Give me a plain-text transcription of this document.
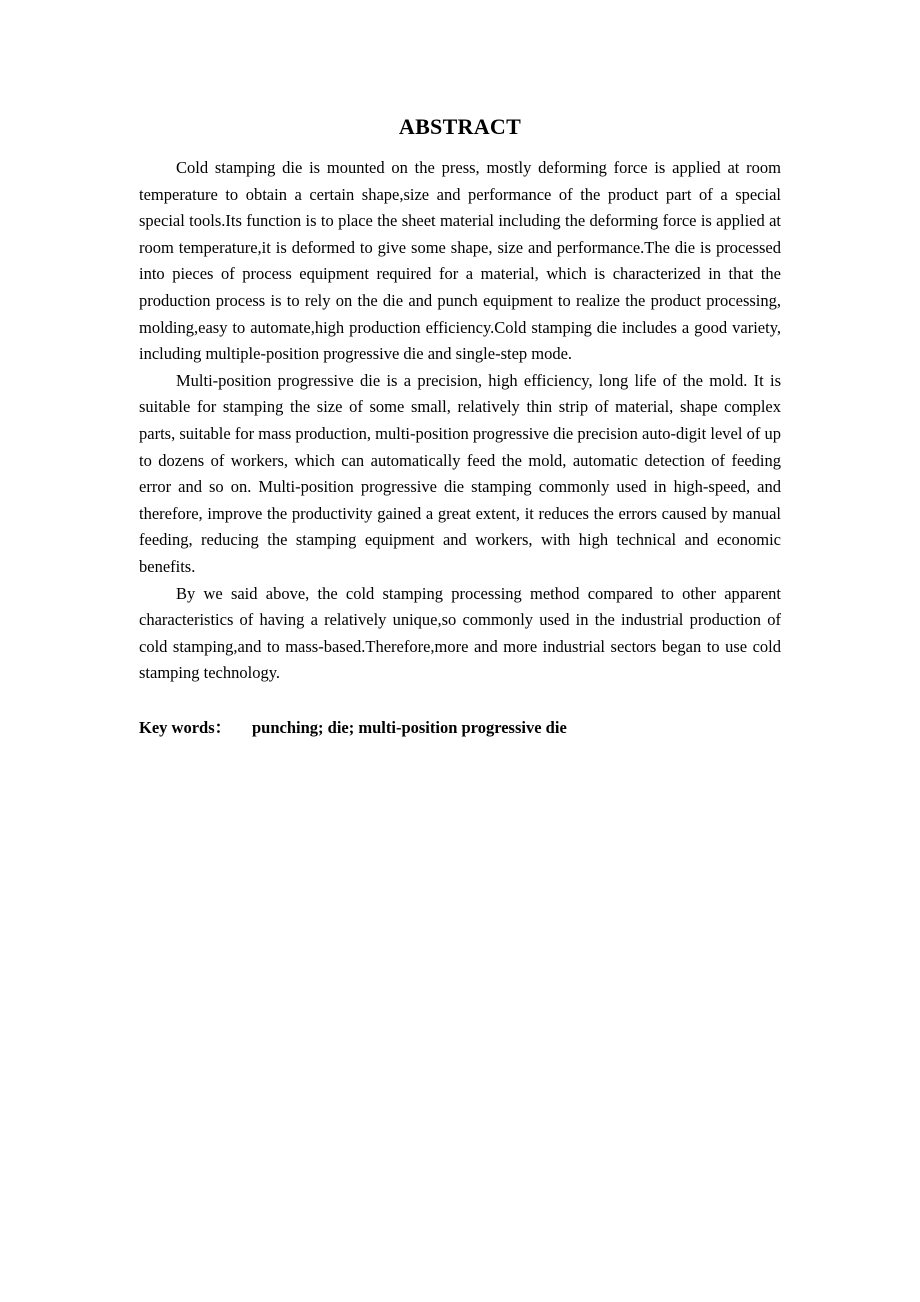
ABSTRACT

Cold stamping die is mounted on the press, mostly deforming force is applied at room temperature to obtain a certain shape,size and performance of the product part of a special special tools.Its function is to place the sheet material including the deforming force is applied at room temperature,it is deformed to give some shape, size and performance.The die is processed into pieces of process equipment required for a material, which is characterized in that the production process is to rely on the die and punch equipment to realize the product processing, molding,easy to automate,high production efficiency.Cold stamping die includes a good variety, including multiple-position progressive die and single-step mode.

Multi-position progressive die is a precision, high efficiency, long life of the mold. It is suitable for stamping the size of some small, relatively thin strip of material, shape complex parts, suitable for mass production, multi-position progressive die precision auto-digit level of up to dozens of workers, which can automatically feed the mold, automatic detection of feeding error and so on. Multi-position progressive die stamping commonly used in high-speed, and therefore, improve the productivity gained a great extent, it reduces the errors caused by manual feeding, reducing the stamping equipment and workers, with high technical and economic benefits.

By we said above, the cold stamping processing method compared to other apparent characteristics of having a relatively unique,so commonly used in the industrial production of cold stamping,and to mass-based.Therefore,more and more industrial sectors began to use cold stamping technology.

Key words： punching; die; multi-position progressive die
